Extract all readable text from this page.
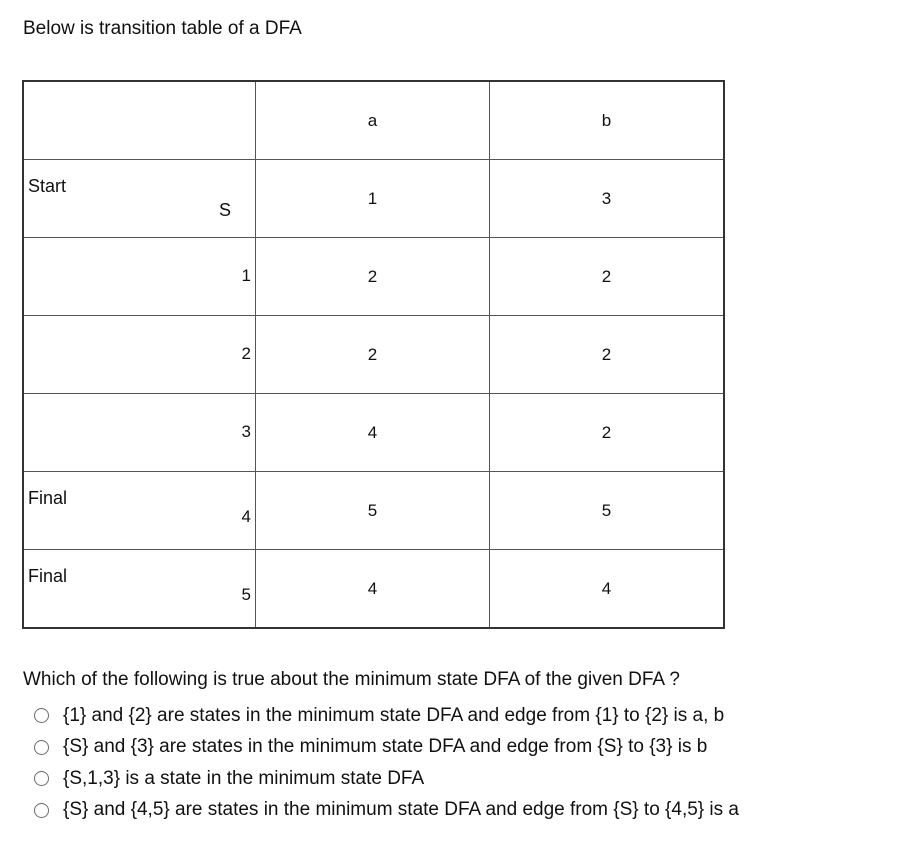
Below is transition table of a DFA

	a	b

Start
S	1	3

1	2	2

2	2	2

3	4	2

Final
4	5	5

Final
5	4	4

Which of the following is true about the minimum state DFA of the given DFA ?

{1} and {2} are states in the minimum state DFA and edge from {1} to {2} is a, b
{S} and {3} are states in the minimum state DFA and edge from {S} to {3} is b
{S,1,3} is a state in the minimum state DFA
{S} and {4,5} are states in the minimum state DFA and edge from {S} to {4,5} is a
